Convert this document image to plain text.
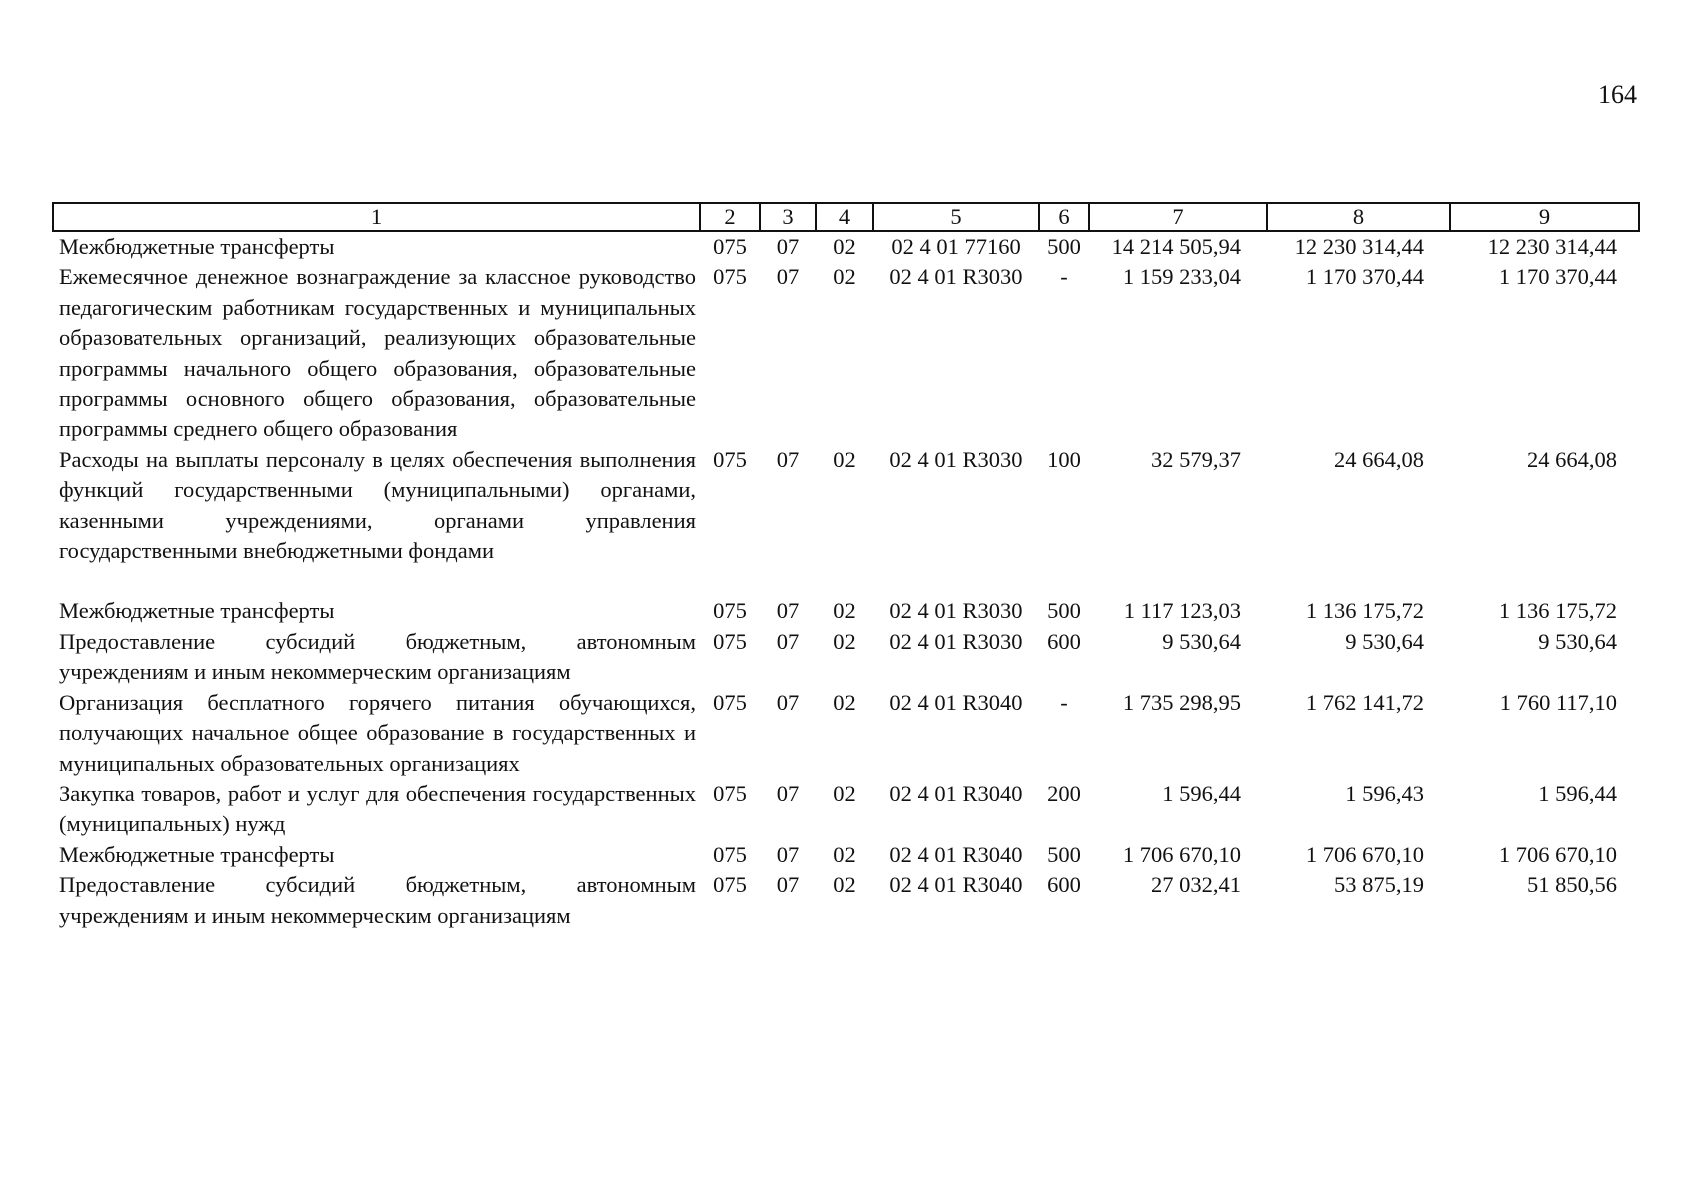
164
1	2	3	4	5	6	7	8	9
Межбюджетные трансферты	075	07	02	02 4 01 77160	500	14 214 505,94	12 230 314,44	12 230 314,44
Ежемесячное денежное вознаграждение за классное руководство педагогическим работникам государственных и муниципальных образовательных организаций, реализующих образовательные программы начального общего образования, образовательные программы основного общего образования, образовательные программы среднего общего образования	075	07	02	02 4 01 R3030	-	1 159 233,04	1 170 370,44	1 170 370,44
Расходы на выплаты персоналу в целях обеспечения выполнения функций государственными (муниципальными) органами, казенными учреждениями, органами управления государственными внебюджетными фондами	075	07	02	02 4 01 R3030	100	32 579,37	24 664,08	24 664,08

Межбюджетные трансферты	075	07	02	02 4 01 R3030	500	1 117 123,03	1 136 175,72	1 136 175,72
Предоставление субсидий бюджетным, автономным учреждениям и иным некоммерческим организациям	075	07	02	02 4 01 R3030	600	9 530,64	9 530,64	9 530,64
Организация бесплатного горячего питания обучающихся, получающих начальное общее образование в государственных и муниципальных образовательных организациях	075	07	02	02 4 01 R3040	-	1 735 298,95	1 762 141,72	1 760 117,10
Закупка товаров, работ и услуг для обеспечения государственных (муниципальных) нужд	075	07	02	02 4 01 R3040	200	1 596,44	1 596,43	1 596,44
Межбюджетные трансферты	075	07	02	02 4 01 R3040	500	1 706 670,10	1 706 670,10	1 706 670,10
Предоставление субсидий бюджетным, автономным учреждениям и иным некоммерческим организациям	075	07	02	02 4 01 R3040	600	27 032,41	53 875,19	51 850,56
